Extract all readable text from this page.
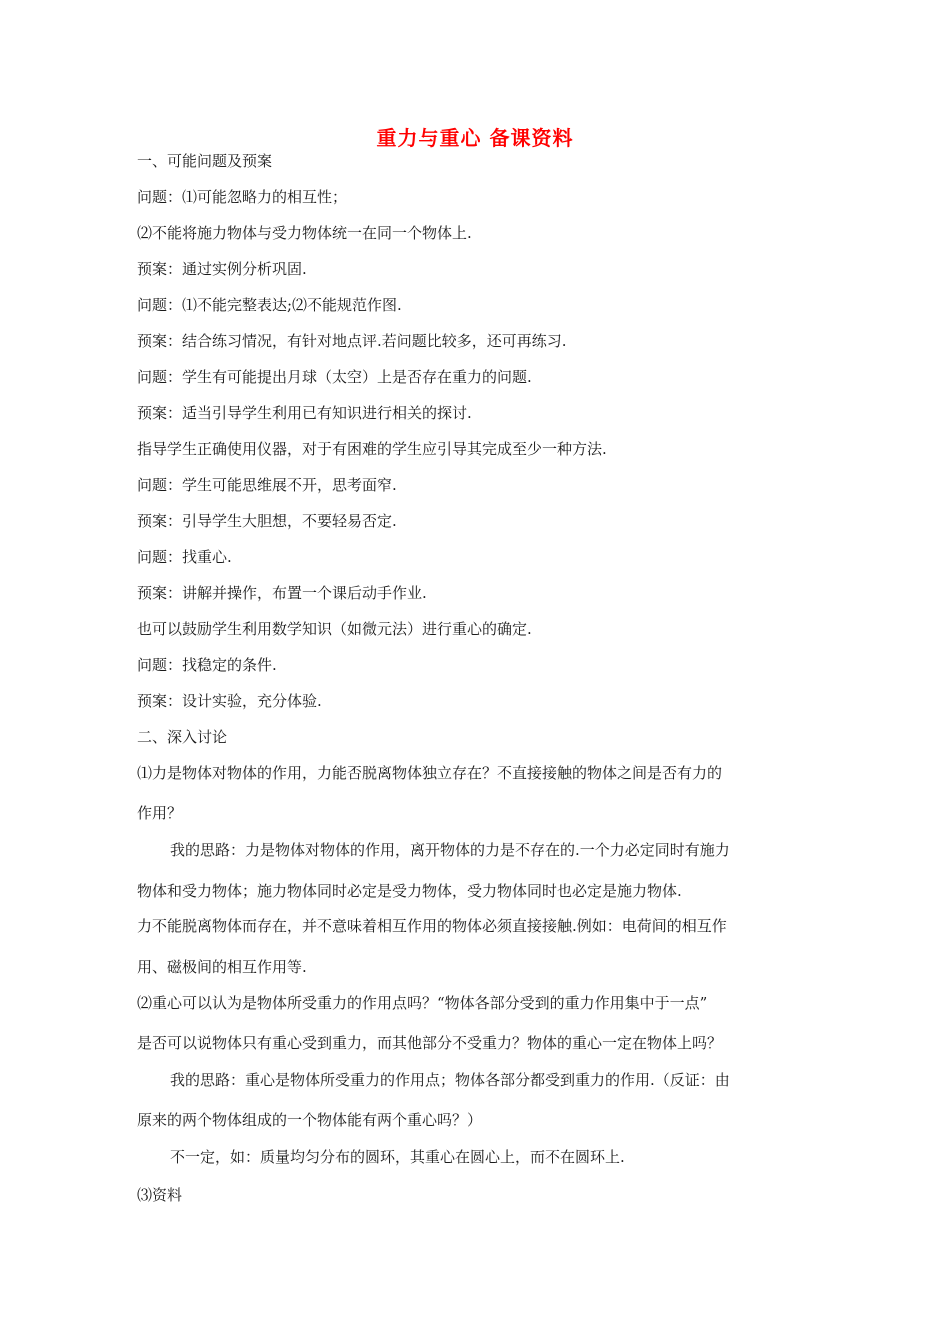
重力与重心 备课资料
一、可能问题及预案
问题：⑴可能忽略力的相互性；
⑵不能将施力物体与受力物体统一在同一个物体上.
预案：通过实例分析巩固.
问题：⑴不能完整表达;⑵不能规范作图.
预案：结合练习情况，有针对地点评.若问题比较多，还可再练习.
问题：学生有可能提出月球（太空）上是否存在重力的问题.
预案：适当引导学生利用已有知识进行相关的探讨.
指导学生正确使用仪器，对于有困难的学生应引导其完成至少一种方法.
问题：学生可能思维展不开，思考面窄.
预案：引导学生大胆想，不要轻易否定.
问题：找重心.
预案：讲解并操作，布置一个课后动手作业.
也可以鼓励学生利用数学知识（如微元法）进行重心的确定.
问题：找稳定的条件.
预案：设计实验，充分体验.
二、深入讨论
⑴力是物体对物体的作用，力能否脱离物体独立存在？不直接接触的物体之间是否有力的
作用？
我的思路：力是物体对物体的作用，离开物体的力是不存在的.一个力必定同时有施力
物体和受力物体；施力物体同时必定是受力物体，受力物体同时也必定是施力物体.
力不能脱离物体而存在，并不意味着相互作用的物体必须直接接触.例如：电荷间的相互作
用、磁极间的相互作用等.
⑵重心可以认为是物体所受重力的作用点吗？“物体各部分受到的重力作用集中于一点”
是否可以说物体只有重心受到重力，而其他部分不受重力？物体的重心一定在物体上吗？
我的思路：重心是物体所受重力的作用点；物体各部分都受到重力的作用.（反证：由
原来的两个物体组成的一个物体能有两个重心吗？）
不一定，如：质量均匀分布的圆环，其重心在圆心上，而不在圆环上.
⑶资料
